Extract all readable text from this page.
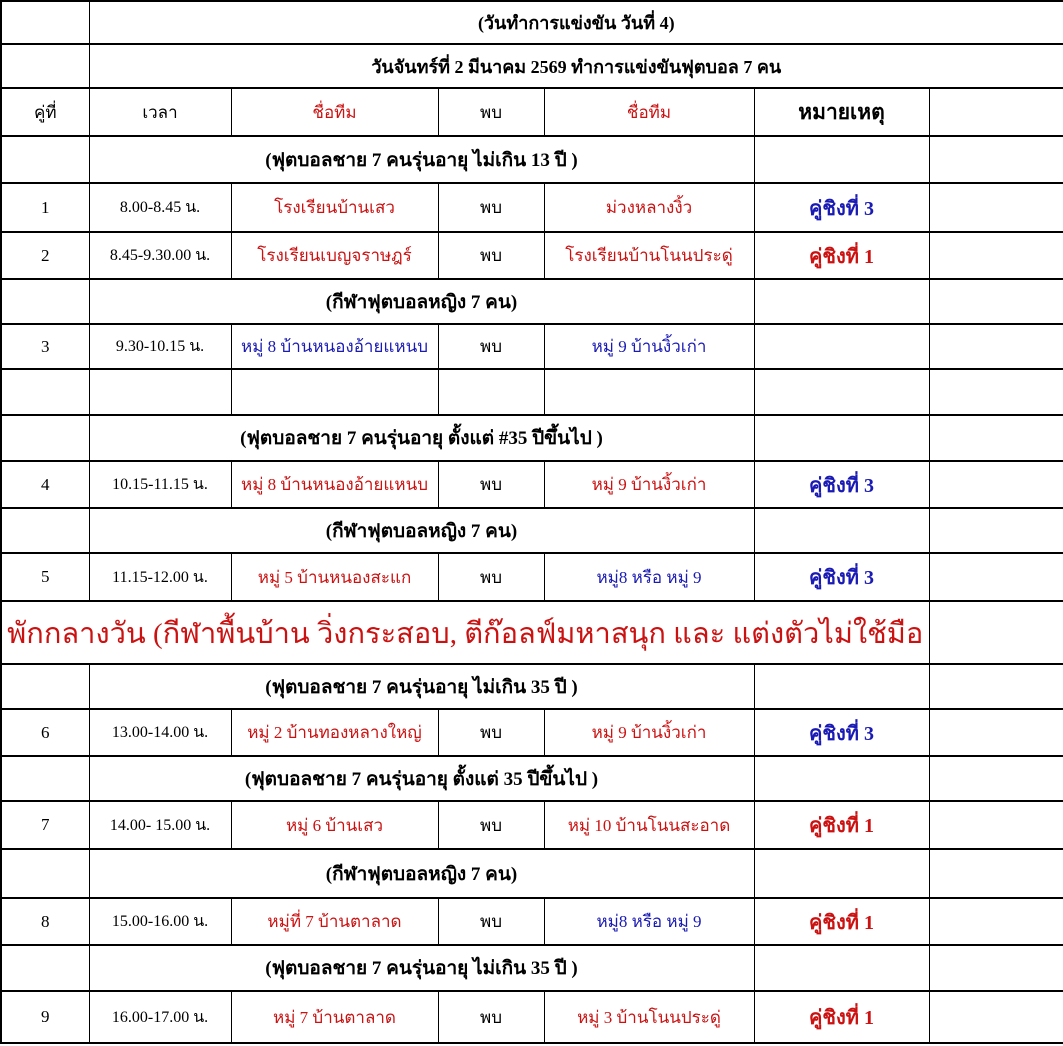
	(วันทำการแข่งขัน วันที่ 4)					
	วันจันทร์ที่ 2 มีนาคม 2569 ทำการแข่งขันฟุตบอล 7 คน					
คู่ที่	เวลา	ชื่อทีม	พบ	ชื่อทีม	หมายเหตุ	
	(ฟุตบอลชาย 7 คนรุ่นอายุ ไม่เกิน 13 ปี )					
1	8.00-8.45 น.	โรงเรียนบ้านเสว	พบ	ม่วงหลางงิ้ว	คู่ชิงที่ 3	
2	8.45-9.30.00 น.	โรงเรียนเบญจราษฎร์	พบ	โรงเรียนบ้านโนนประดู่	คู่ชิงที่ 1	
	(กีฬาฟุตบอลหญิง 7 คน)					
3	9.30-10.15 น.	หมู่ 8 บ้านหนองอ้ายแหนบ	พบ	หมู่ 9 บ้านงิ้วเก่า		

	(ฟุตบอลชาย 7 คนรุ่นอายุ ตั้งแต่ #35 ปีขึ้นไป )					
4	10.15-11.15 น.	หมู่ 8 บ้านหนองอ้ายแหนบ	พบ	หมู่ 9 บ้านงิ้วเก่า	คู่ชิงที่ 3	
	(กีฬาฟุตบอลหญิง 7 คน)					
5	11.15-12.00 น.	หมู่ 5 บ้านหนองสะแก	พบ	หมู่8 หรือ หมู่ 9	คู่ชิงที่ 3	
พักกลางวัน (กีฬาพื้นบ้าน วิ่งกระสอบ, ตีก๊อลฟ์มหาสนุก และ แต่งตัวไม่ใช้มือ						
	(ฟุตบอลชาย 7 คนรุ่นอายุ ไม่เกิน 35 ปี )					
6	13.00-14.00 น.	หมู่ 2 บ้านทองหลางใหญ่	พบ	หมู่ 9 บ้านงิ้วเก่า	คู่ชิงที่ 3	
	(ฟุตบอลชาย 7 คนรุ่นอายุ ตั้งแต่ 35 ปีขึ้นไป )					
7	14.00- 15.00 น.	หมู่ 6 บ้านเสว	พบ	หมู่ 10 บ้านโนนสะอาด	คู่ชิงที่ 1	
	(กีฬาฟุตบอลหญิง 7 คน)					
8	15.00-16.00 น.	หมู่ที่ 7 บ้านตาลาด	พบ	หมู่8 หรือ หมู่ 9	คู่ชิงที่ 1	
	(ฟุตบอลชาย 7 คนรุ่นอายุ ไม่เกิน 35 ปี )					
9	16.00-17.00 น.	หมู่ 7 บ้านตาลาด	พบ	หมู่ 3 บ้านโนนประดู่	คู่ชิงที่ 1	
